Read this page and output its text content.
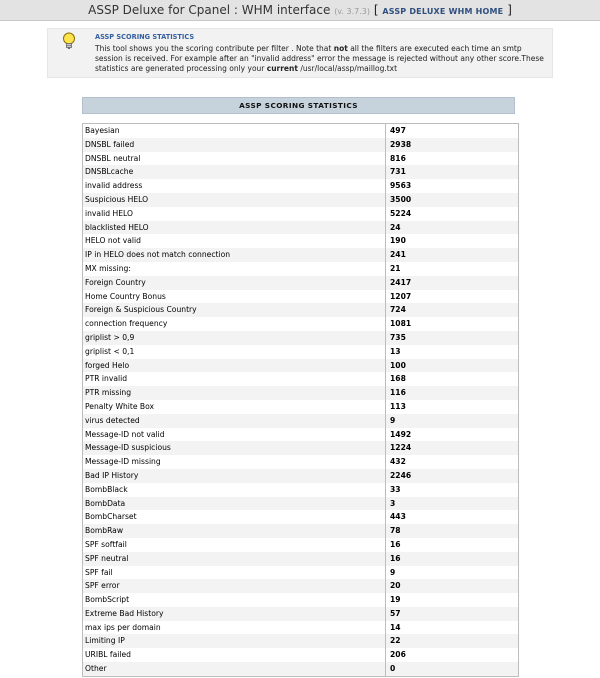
ASSP Deluxe for Cpanel : WHM interface (v. 3.7.3) [ ASSP DELUXE WHM HOME ]
ASSP SCORING STATISTICS
This tool shows you the scoring contribute per filter . Note that not all the filters are executed each time an smtp session is received. For example after an "invalid address" error the message is rejected without any other score.These statistics are generated processing only your current /usr/local/assp/maillog.txt
ASSP SCORING STATISTICS
Bayesian	497
DNSBL failed	2938
DNSBL neutral	816
DNSBLcache	731
invalid address	9563
Suspicious HELO	3500
invalid HELO	5224
blacklisted HELO	24
HELO not valid	190
IP in HELO does not match connection	241
MX missing:	21
Foreign Country	2417
Home Country Bonus	1207
Foreign & Suspicious Country	724
connection frequency	1081
griplist > 0,9	735
griplist < 0,1	13
forged Helo	100
PTR invalid	168
PTR missing	116
Penalty White Box	113
virus detected	9
Message-ID not valid	1492
Message-ID suspicious	1224
Message-ID missing	432
Bad IP History	2246
BombBlack	33
BombData	3
BombCharset	443
BombRaw	78
SPF softfail	16
SPF neutral	16
SPF fail	9
SPF error	20
BombScript	19
Extreme Bad History	57
max ips per domain	14
Limiting IP	22
URIBL failed	206
Other	0
